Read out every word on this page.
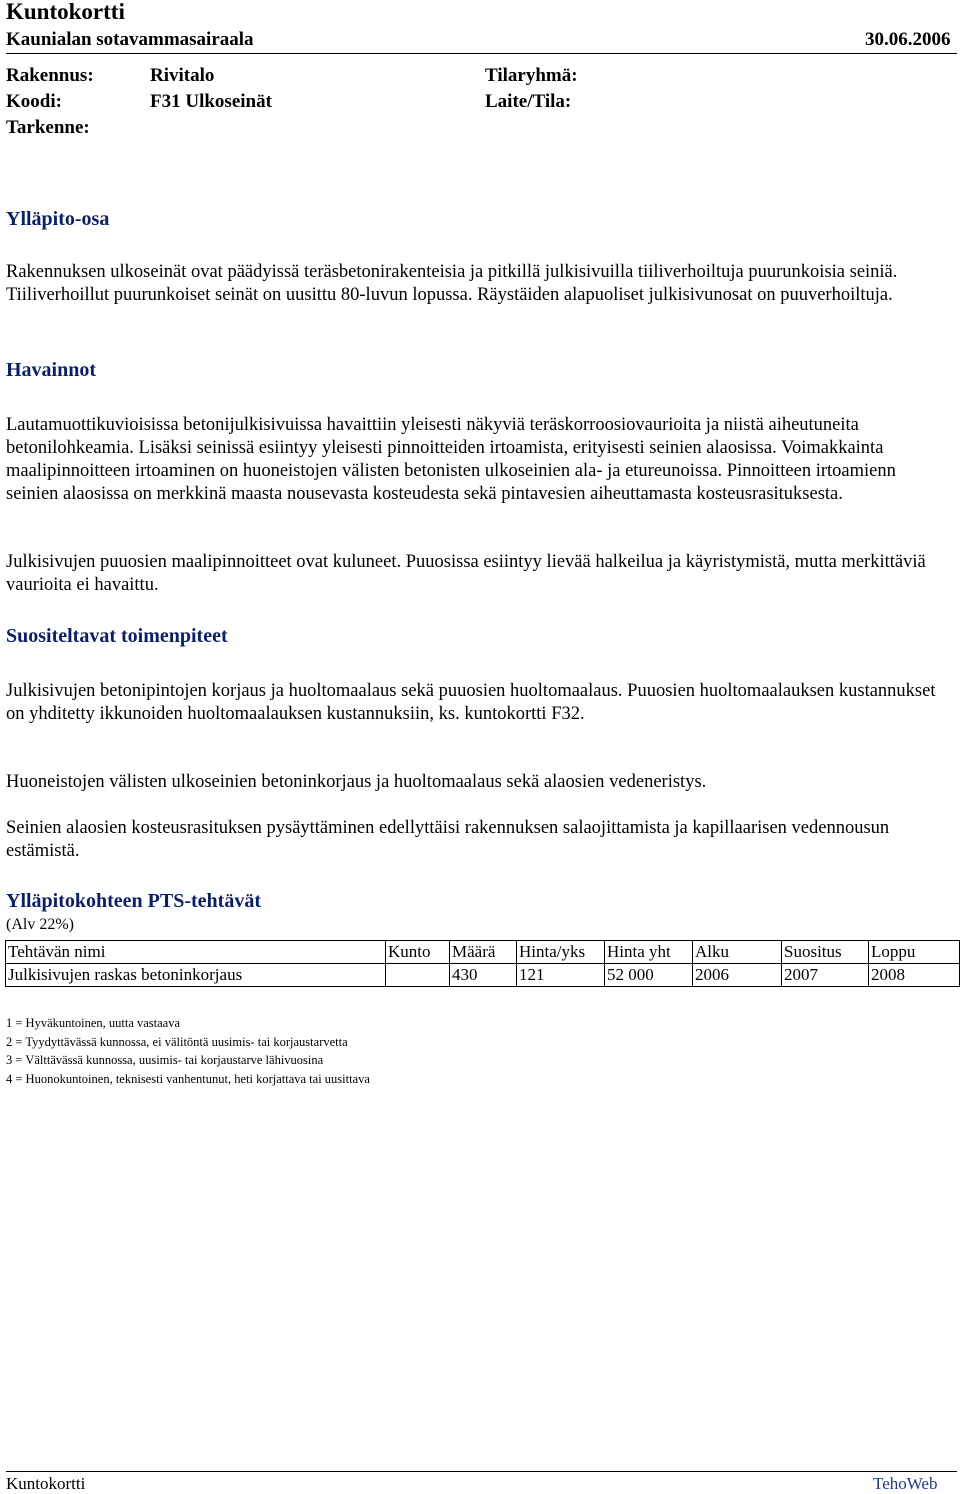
Kuntokortti
Kaunialan sotavammasairaala	30.06.2006
Rakennus:	Rivitalo	Tilaryhmä:
Koodi:	F31 Ulkoseinät	Laite/Tila:
Tarkenne:
Ylläpito-osa
Rakennuksen ulkoseinät ovat päädyissä teräsbetonirakenteisia ja pitkillä julkisivuilla tiiliverhoiltuja puurunkoisia seiniä. Tiiliverhoillut puurunkoiset seinät on uusittu 80-luvun lopussa. Räystäiden alapuoliset julkisivunosat on puuverhoiltuja.
Havainnot
Lautamuottikuvioisissa betonijulkisivuissa havaittiin yleisesti näkyviä teräskorroosiovaurioita ja niistä aiheutuneita betonilohkeamia. Lisäksi seinissä esiintyy yleisesti pinnoitteiden irtoamista, erityisesti seinien alaosissa. Voimakkainta maalipinnoitteen irtoaminen on huoneistojen välisten betonisten ulkoseinien ala- ja etureunoissa. Pinnoitteen irtoamienn seinien alaosissa on merkkinä maasta nousevasta kosteudesta sekä pintavesien aiheuttamasta kosteusrasituksesta.
Julkisivujen puuosien maalipinnoitteet ovat kuluneet. Puuosissa esiintyy lievää halkeilua ja käyristymistä, mutta merkittäviä vaurioita ei havaittu.
Suositeltavat toimenpiteet
Julkisivujen betonipintojen korjaus ja huoltomaalaus sekä puuosien huoltomaalaus. Puuosien huoltomaalauksen kustannukset on yhditetty ikkunoiden huoltomaalauksen kustannuksiin, ks. kuntokortti F32.
Huoneistojen välisten ulkoseinien betoninkorjaus ja huoltomaalaus sekä alaosien vedeneristys.
Seinien alaosien kosteusrasituksen pysäyttäminen edellyttäisi rakennuksen salaojittamista ja kapillaarisen vedennousun estämistä.
Ylläpitokohteen PTS-tehtävät
(Alv 22%)
Tehtävän nimi	Kunto	Määrä	Hinta/yks	Hinta yht	Alku	Suositus	Loppu
Julkisivujen raskas betoninkorjaus		430	121	52 000	2006	2007	2008
1 = Hyväkuntoinen, uutta vastaava
2 = Tyydyttävässä kunnossa, ei välitöntä uusimis- tai korjaustarvetta
3 = Välttävässä kunnossa, uusimis- tai korjaustarve lähivuosina
4 = Huonokuntoinen, teknisesti vanhentunut, heti korjattava tai uusittava
Kuntokortti	TehoWeb
